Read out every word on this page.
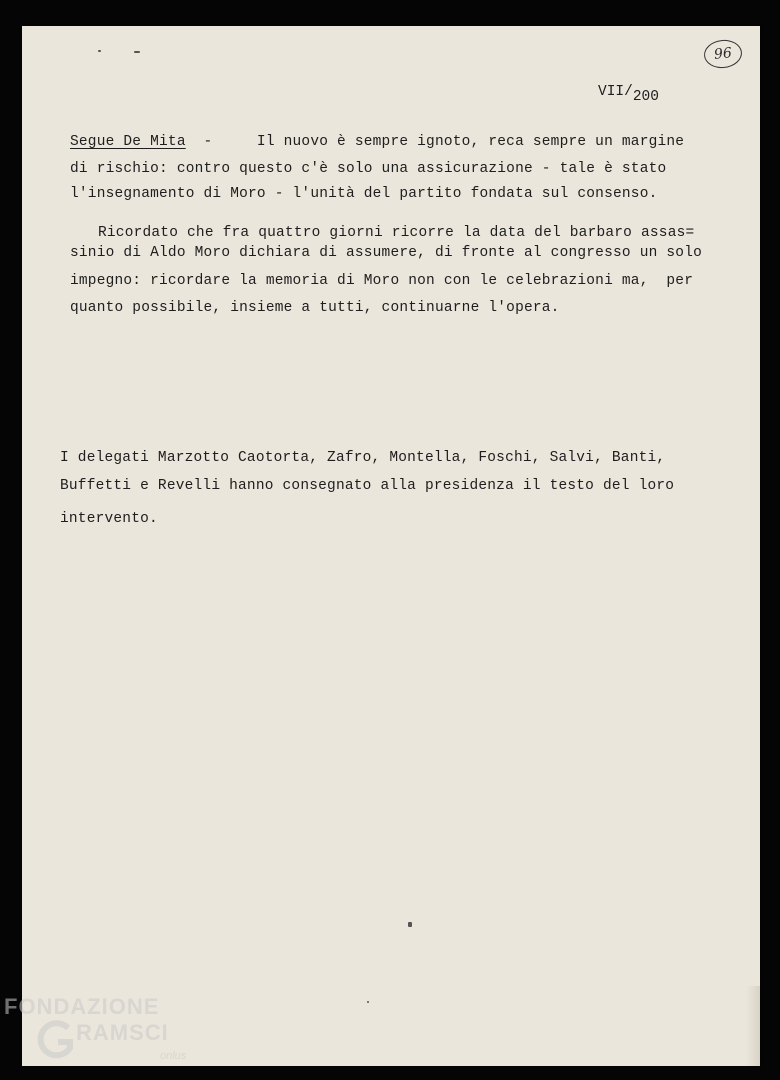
96
VII/200

Segue De Mita  -     Il nuovo è sempre ignoto, reca sempre un margine

di rischio: contro questo c'è solo una assicurazione - tale è stato

l'insegnamento di Moro - l'unità del partito fondata sul consenso.

Ricordato che fra quattro giorni ricorre la data del barbaro assas=

sinio di Aldo Moro dichiara di assumere, di fronte al congresso un solo

impegno: ricordare la memoria di Moro non con le celebrazioni ma,  per

quanto possibile, insieme a tutti, continuarne l'opera.

I delegati Marzotto Caotorta, Zafro, Montella, Foschi, Salvi, Banti,

Buffetti e Revelli hanno consegnato alla presidenza il testo del loro

intervento.

FONDAZIONE
RAMSCI
onlus
